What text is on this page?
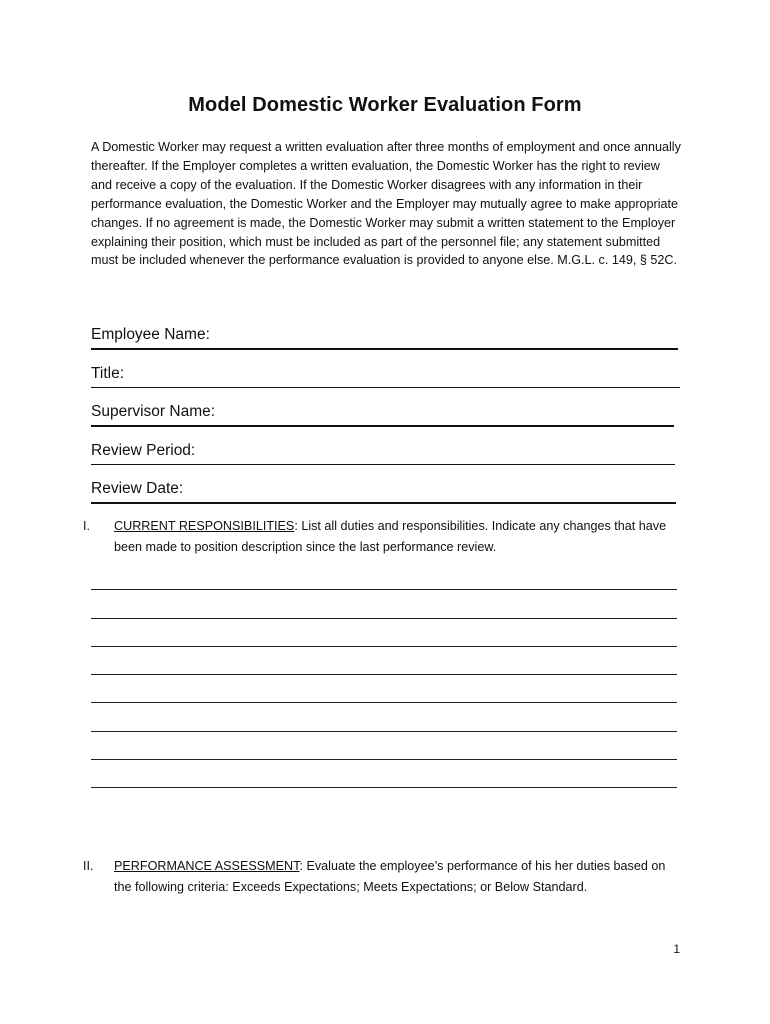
Model Domestic Worker Evaluation Form
A Domestic Worker may request a written evaluation after three months of employment and once annually thereafter. If the Employer completes a written evaluation, the Domestic Worker has the right to review and receive a copy of the evaluation. If the Domestic Worker disagrees with any information in their performance evaluation, the Domestic Worker and the Employer may mutually agree to make appropriate changes. If no agreement is made, the Domestic Worker may submit a written statement to the Employer explaining their position, which must be included as part of the personnel file; any statement submitted must be included whenever the performance evaluation is provided to anyone else. M.G.L. c. 149, § 52C.
Employee Name:
Title:
Supervisor Name:
Review Period:
Review Date:
I. CURRENT RESPONSIBILITIES: List all duties and responsibilities. Indicate any changes that have been made to position description since the last performance review.
II. PERFORMANCE ASSESSMENT: Evaluate the employee’s performance of his her duties based on the following criteria: Exceeds Expectations; Meets Expectations; or Below Standard.
1
